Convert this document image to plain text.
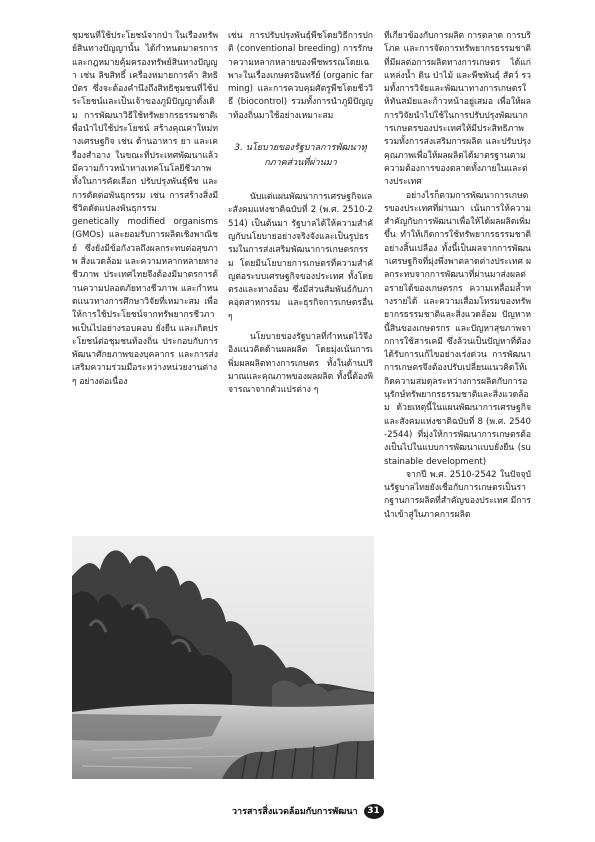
ชุมชนที่ใช้ประโยชน์จากป่า ในเรื่องทรัพย์สินทางปัญญานั้น ได้กำหนดมาตรการและกฎหมายคุ้มครองทรัพย์สินทางปัญญา เช่น ลิขสิทธิ์ เครื่องหมายการค้า สิทธิบัตร ซึ่งจะต้องคำนึงถึงสิทธิชุมชนที่ใช้ประโยชน์และเป็นเจ้าของภูมิปัญญาดั้งเดิม การพัฒนาวิธีใช้ทรัพยากรธรรมชาติเพื่อนำไปใช้ประโยชน์ สร้างคุณค่าใหม่ทางเศรษฐกิจ เช่น ด้านอาหาร ยา และเครื่องสำอาง ในขณะที่ประเทศพัฒนาแล้วมีความก้าวหน้าทางเทคโนโลยีชีวภาพ ทั้งในการคัดเลือก ปรับปรุงพันธุ์พืช และการตัดต่อพันธุกรรม เช่น การสร้างสิ่งมีชีวิตดัดแปลงพันธุกรรม

genetically modified organisms (GMOs) และยอมรับการผลิตเชิงพาณิชย์ ซึ่งยังมีข้อกังวลถึงผลกระทบต่อสุขภาพ สิ่งแวดล้อม และความหลากหลายทางชีวภาพ ประเทศไทยจึงต้องมีมาตรการด้านความปลอดภัยทางชีวภาพ และกำหนดแนวทางการศึกษาวิจัยที่เหมาะสม เพื่อให้การใช้ประโยชน์จากทรัพยากรชีวภาพเป็นไปอย่างรอบคอบ ยั่งยืน และเกิดประโยชน์ต่อชุมชนท้องถิ่น ประกอบกับการพัฒนาศักยภาพของบุคลากร และการส่งเสริมความร่วมมือระหว่างหน่วยงานต่าง ๆ อย่างต่อเนื่อง

เช่น การปรับปรุงพันธุ์พืชโดยวิธีการปกติ (conventional breeding) การรักษาความหลากหลายของพืชพรรณโดยเฉพาะในเรื่องเกษตรอินทรีย์ (organic farming) และการควบคุมศัตรูพืชโดยชีววิธี (biocontrol) รวมทั้งการนำภูมิปัญญาท้องถิ่นมาใช้อย่างเหมาะสม

3. นโยบายของรัฐบาลการพัฒนาทุกภาคส่วนที่ผ่านมา

นับแต่แผนพัฒนาการเศรษฐกิจและสังคมแห่งชาติฉบับที่ 2 (พ.ศ. 2510-2514) เป็นต้นมา รัฐบาลได้ให้ความสำคัญกับนโยบายอย่างจริงจังและเป็นรูปธรรมในการส่งเสริมพัฒนาการเกษตรกรรม โดยมีนโยบายการเกษตรที่ความสำคัญต่อระบบเศรษฐกิจของประเทศ ทั้งโดยตรงและทางอ้อม ซึ่งมีส่วนสัมพันธ์กับภาคอุตสาหกรรม และธุรกิจการเกษตรอื่น ๆ

นโยบายของรัฐบาลที่กำหนดไว้จึงอิงแนวคิดด้านผลผลิต โดยมุ่งเน้นการเพิ่มผลผลิตทางการเกษตร ทั้งในด้านปริมาณและคุณภาพของผลผลิต ทั้งนี้ต้องพิจารณาจากตัวแปรต่าง ๆ

ที่เกี่ยวข้องกับการผลิต การตลาด การบริโภค และการจัดการทรัพยากรธรรมชาติ ที่มีผลต่อการผลิตทางการเกษตร ได้แก่ แหล่งน้ำ ดิน ป่าไม้ และพืชพันธุ์ สัตว์ รวมทั้งการวิจัยและพัฒนาทางการเกษตรให้ทันสมัยและก้าวหน้าอยู่เสมอ เพื่อให้ผลการวิจัยนำไปใช้ในการปรับปรุงพัฒนาการเกษตรของประเทศให้มีประสิทธิภาพ รวมทั้งการส่งเสริมการผลิต และปรับปรุงคุณภาพเพื่อให้ผลผลิตได้มาตรฐานตามความต้องการของตลาดทั้งภายในและต่างประเทศ

อย่างไรก็ตามการพัฒนาการเกษตรของประเทศที่ผ่านมา เน้นการให้ความสำคัญกับการพัฒนาเพื่อให้ได้ผลผลิตเพิ่มขึ้น ทำให้เกิดการใช้ทรัพยากรธรรมชาติอย่างสิ้นเปลือง ทั้งนี้เป็นผลจากการพัฒนาเศรษฐกิจที่มุ่งพึ่งพาตลาดต่างประเทศ ผลกระทบจากการพัฒนาที่ผ่านมาส่งผลต่อรายได้ของเกษตรกร ความเหลื่อมล้ำทางรายได้ และความเสื่อมโทรมของทรัพยากรธรรมชาติและสิ่งแวดล้อม ปัญหาหนี้สินของเกษตรกร และปัญหาสุขภาพจากการใช้สารเคมี ซึ่งล้วนเป็นปัญหาที่ต้องได้รับการแก้ไขอย่างเร่งด่วน การพัฒนาการเกษตรจึงต้องปรับเปลี่ยนแนวคิดให้เกิดความสมดุลระหว่างการผลิตกับการอนุรักษ์ทรัพยากรธรรมชาติและสิ่งแวดล้อม ด้วยเหตุนี้ในแผนพัฒนาการเศรษฐกิจและสังคมแห่งชาติฉบับที่ 8 (พ.ศ. 2540-2544) ที่มุ่งให้การพัฒนาการเกษตรต้องเป็นไปในแบบการพัฒนาแบบยั่งยืน (sustainable development)

จากปี พ.ศ. 2510-2542 ในปัจจุบันรัฐบาลไทยยังเชื่อกับการเกษตรเป็นรากฐานการผลิตที่สำคัญของประเทศ มีการนำเข้าสู่ในภาคการผลิต

วารสารสิ่งแวดล้อมกับการพัฒนา	31
